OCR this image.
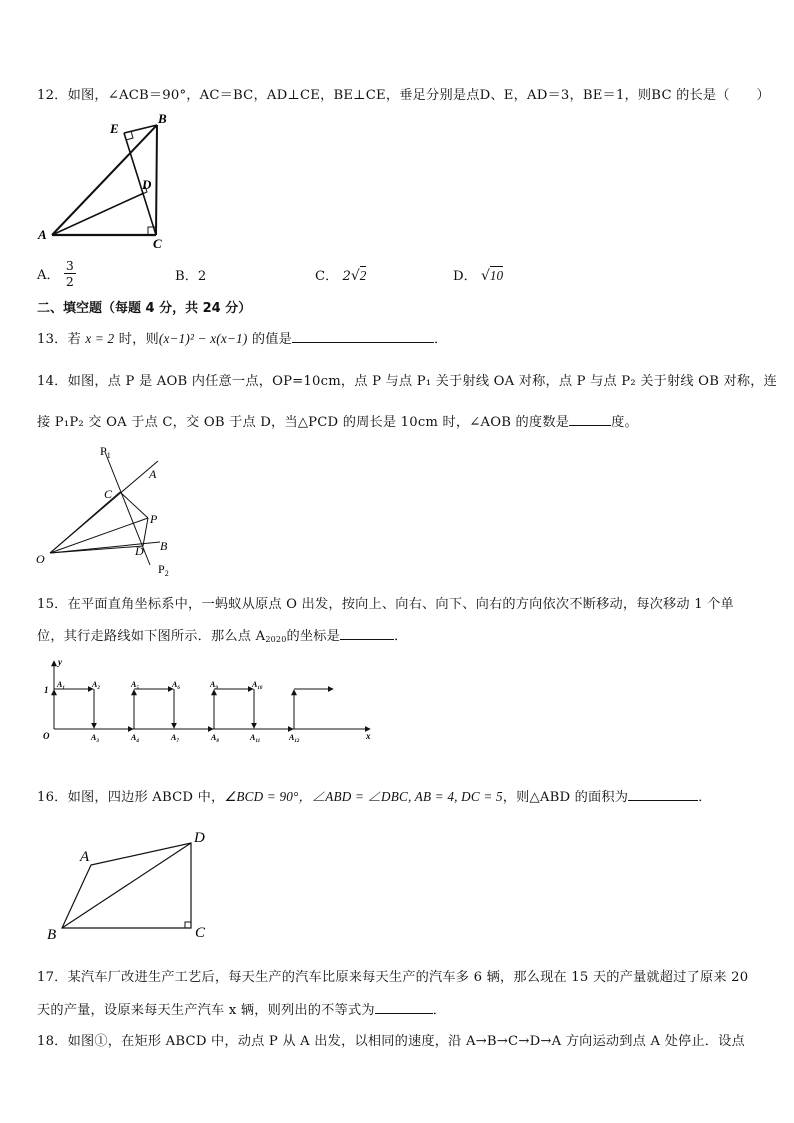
12．如图，∠ACB＝90°，AC＝BC，AD⊥CE，BE⊥CE，垂足分别是点D、E，AD＝3，BE＝1，则BC 的长是（　　）
A
B
C
D
E
A． $\frac{3}{2}$	B．2	C． 2√2	D． √10
二、填空题（每题 4 分，共 24 分）
13．若 x = 2 时，则(x−1)² − x(x−1) 的值是	．
14．如图，点 P 是 AOB 内任意一点，OP=10cm，点 P 与点 P₁ 关于射线 OA 对称，点 P 与点 P₂ 关于射线 OB 对称，连
接 P₁P₂ 交 OA 于点 C，交 OB 于点 D，当△PCD 的周长是 10cm 时，∠AOB 的度数是	度。
$P_1$
A
C
P
O
D B
$P_2$
15．在平面直角坐标系中，一蚂蚁从原点 O 出发，按向上、向右、向下、向右的方向依次不断移动，每次移动 1 个单
位，其行走路线如下图所示．那么点 A2020的坐标是	．
y
x
1
O
$A_1$	$A_2$
$A_3$	$A_4$
$A_5$	$A_6$
$A_7$	$A_8$
$A_9$	$A_{10}$
$A_{11}$	$A_{12}$
16．如图，四边形 ABCD 中，∠BCD = 90°，∠ABD = ∠DBC, AB = 4, DC = 5，则△ABD 的面积为	．
A
B	C
D
17．某汽车厂改进生产工艺后，每天生产的汽车比原来每天生产的汽车多 6 辆，那么现在 15 天的产量就超过了原来 20
天的产量，设原来每天生产汽车 x 辆，则列出的不等式为	．
18．如图①，在矩形 ABCD 中，动点 P 从 A 出发，以相同的速度，沿 A→B→C→D→A 方向运动到点 A 处停止．设点
